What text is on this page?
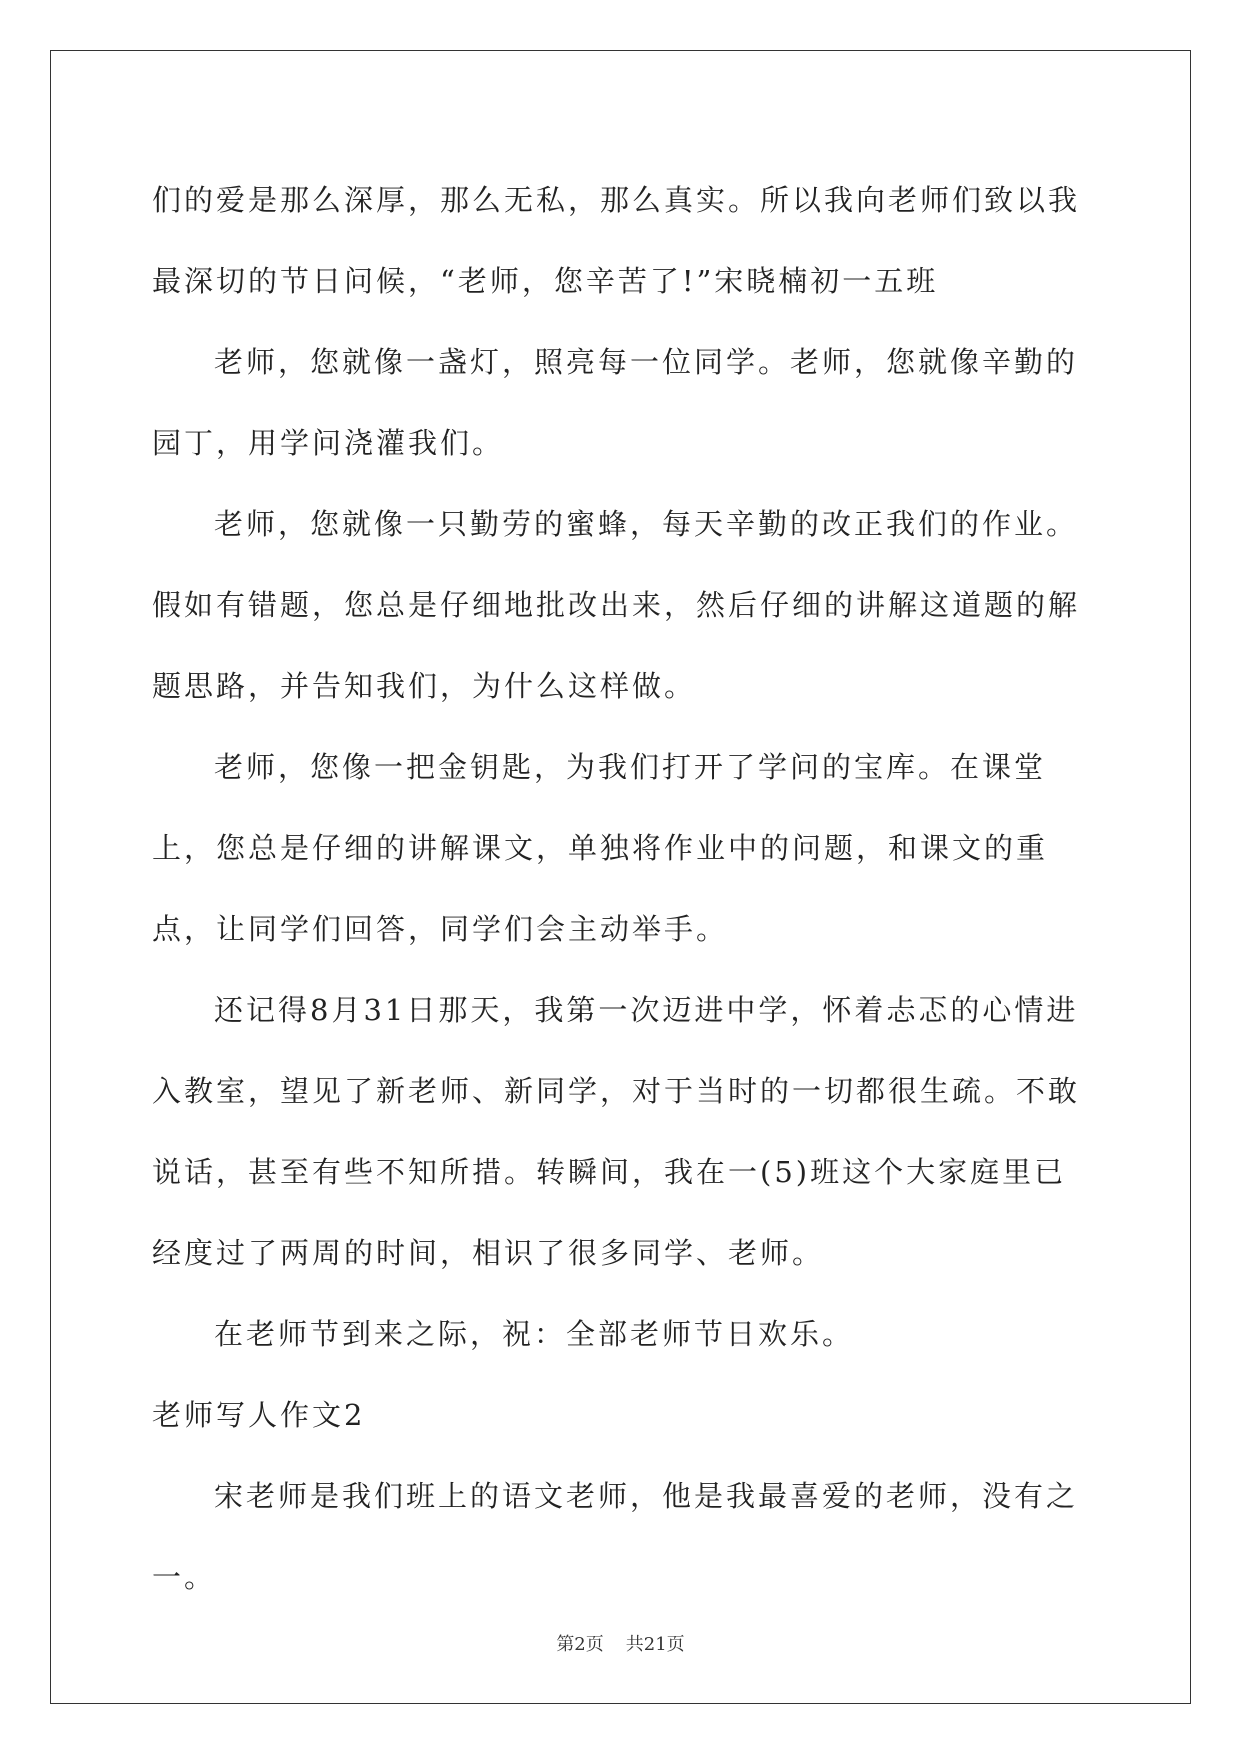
们的爱是那么深厚，那么无私，那么真实。所以我向老师们致以我最深切的节日问候，“老师，您辛苦了!”宋晓楠初一五班

老师，您就像一盏灯，照亮每一位同学。老师，您就像辛勤的园丁，用学问浇灌我们。

老师，您就像一只勤劳的蜜蜂，每天辛勤的改正我们的作业。假如有错题，您总是仔细地批改出来，然后仔细的讲解这道题的解题思路，并告知我们，为什么这样做。

老师，您像一把金钥匙，为我们打开了学问的宝库。在课堂上，您总是仔细的讲解课文，单独将作业中的问题，和课文的重点，让同学们回答，同学们会主动举手。

还记得8月31日那天，我第一次迈进中学，怀着忐忑的心情进入教室，望见了新老师、新同学，对于当时的一切都很生疏。不敢说话，甚至有些不知所措。转瞬间，我在一(5)班这个大家庭里已经度过了两周的时间，相识了很多同学、老师。

在老师节到来之际，祝：全部老师节日欢乐。

老师写人作文2

宋老师是我们班上的语文老师，他是我最喜爱的老师，没有之一。

第2页 共21页
